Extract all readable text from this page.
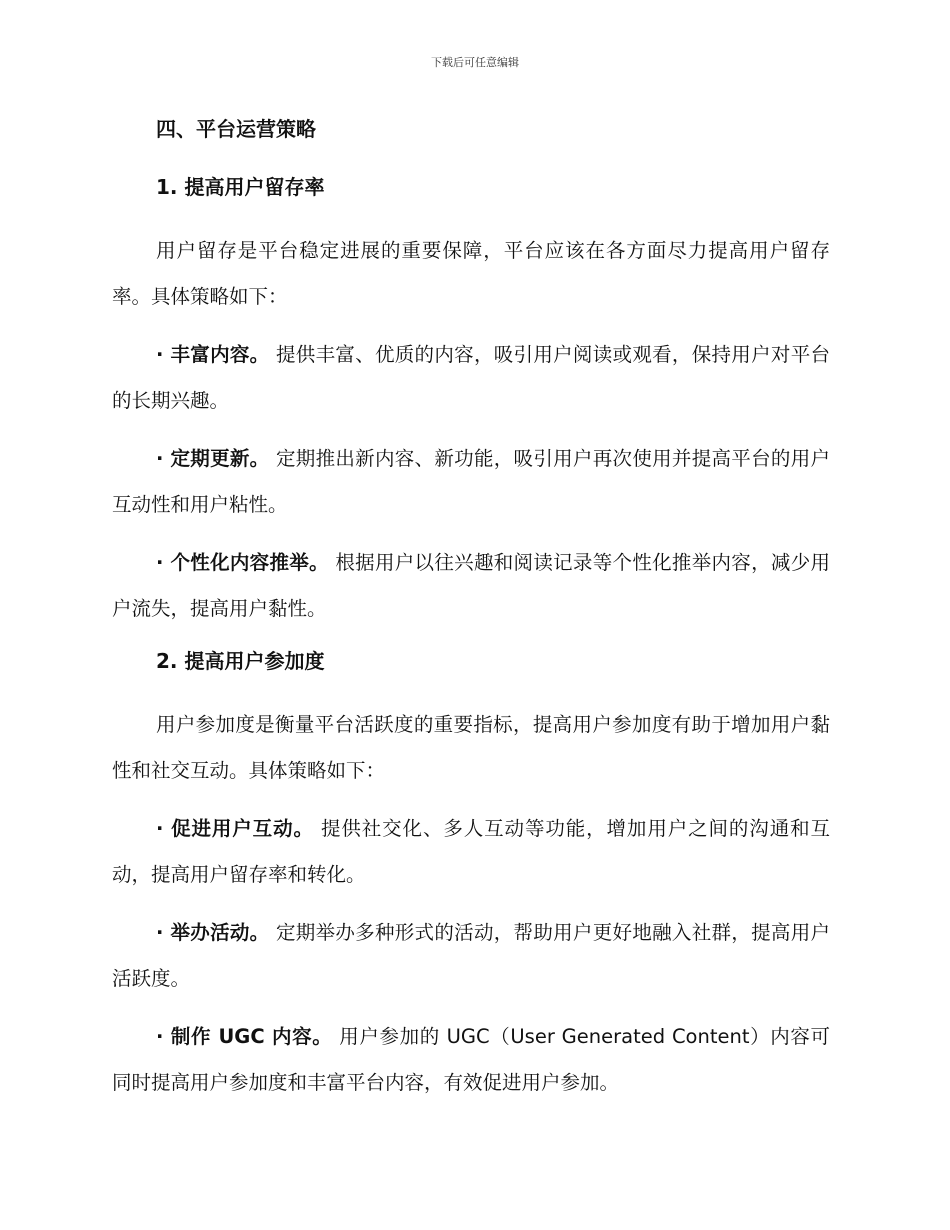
下载后可任意编辑
四、平台运营策略
1. 提高用户留存率
用户留存是平台稳定进展的重要保障，平台应该在各方面尽力提高用户留存率。具体策略如下：
· 丰富内容。 提供丰富、优质的内容，吸引用户阅读或观看，保持用户对平台的长期兴趣。
· 定期更新。 定期推出新内容、新功能，吸引用户再次使用并提高平台的用户互动性和用户粘性。
· 个性化内容推举。 根据用户以往兴趣和阅读记录等个性化推举内容，减少用户流失，提高用户黏性。
2. 提高用户参加度
用户参加度是衡量平台活跃度的重要指标，提高用户参加度有助于增加用户黏性和社交互动。具体策略如下：
· 促进用户互动。 提供社交化、多人互动等功能，增加用户之间的沟通和互动，提高用户留存率和转化。
· 举办活动。 定期举办多种形式的活动，帮助用户更好地融入社群，提高用户活跃度。
· 制作 UGC 内容。 用户参加的 UGC（User Generated Content）内容可同时提高用户参加度和丰富平台内容，有效促进用户参加。
